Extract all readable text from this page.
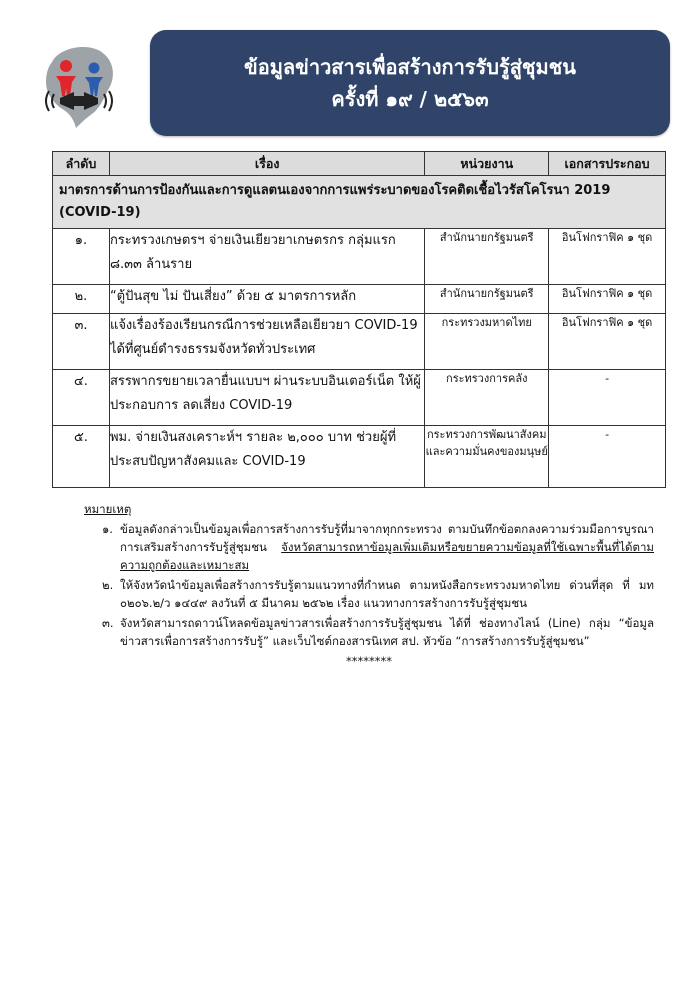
ข้อมูลข่าวสารเพื่อสร้างการรับรู้สู่ชุมชน
ครั้งที่ ๑๙ / ๒๕๖๓
ลำดับ	เรื่อง	หน่วยงาน	เอกสารประกอบ
มาตรการด้านการป้องกันและการดูแลตนเองจากการแพร่ระบาดของโรคติดเชื้อไวรัสโคโรนา 2019 (COVID-19)			
๑.	กระทรวงเกษตรฯ จ่ายเงินเยียวยาเกษตรกร กลุ่มแรก ๘.๓๓ ล้านราย	สำนักนายกรัฐมนตรี	อินโฟกราฟิค ๑ ชุด
๒.	“ตู้ปันสุข ไม่ ปันเสี่ยง” ด้วย ๕ มาตรการหลัก	สำนักนายกรัฐมนตรี	อินโฟกราฟิค ๑ ชุด
๓.	แจ้งเรื่องร้องเรียนกรณีการช่วยเหลือเยียวยา COVID-19 ได้ที่ศูนย์ดำรงธรรมจังหวัดทั่วประเทศ	กระทรวงมหาดไทย	อินโฟกราฟิค ๑ ชุด
๔.	สรรพากรขยายเวลายื่นแบบฯ ผ่านระบบอินเตอร์เน็ต ให้ผู้ประกอบการ ลดเสี่ยง COVID-19	กระทรวงการคลัง	-
๕.	พม. จ่ายเงินสงเคราะห์ฯ รายละ ๒,๐๐๐ บาท ช่วยผู้ที่ประสบปัญหาสังคมและ COVID-19	กระทรวงการพัฒนาสังคมและความมั่นคงของมนุษย์	-
หมายเหตุ
๑. ข้อมูลดังกล่าวเป็นข้อมูลเพื่อการสร้างการรับรู้ที่มาจากทุกกระทรวง ตามบันทึกข้อตกลงความร่วมมือการบูรณาการเสริมสร้างการรับรู้สู่ชุมชน จังหวัดสามารถหาข้อมูลเพิ่มเติมหรือขยายความข้อมูลที่ใช้เฉพาะพื้นที่ได้ตามความถูกต้องและเหมาะสม
๒. ให้จังหวัดนำข้อมูลเพื่อสร้างการรับรู้ตามแนวทางที่กำหนด ตามหนังสือกระทรวงมหาดไทย ด่วนที่สุด ที่ มท ๐๒๐๖.๒/ว ๑๔๔๙ ลงวันที่ ๕ มีนาคม ๒๕๖๒ เรื่อง แนวทางการสร้างการรับรู้สู่ชุมชน
๓. จังหวัดสามารถดาวน์โหลดข้อมูลข่าวสารเพื่อสร้างการรับรู้สู่ชุมชน ได้ที่ ช่องทางไลน์ (Line) กลุ่ม “ข้อมูลข่าวสารเพื่อการสร้างการรับรู้” และเว็บไซต์กองสารนิเทศ สป. หัวข้อ “การสร้างการรับรู้สู่ชุมชน”
********
